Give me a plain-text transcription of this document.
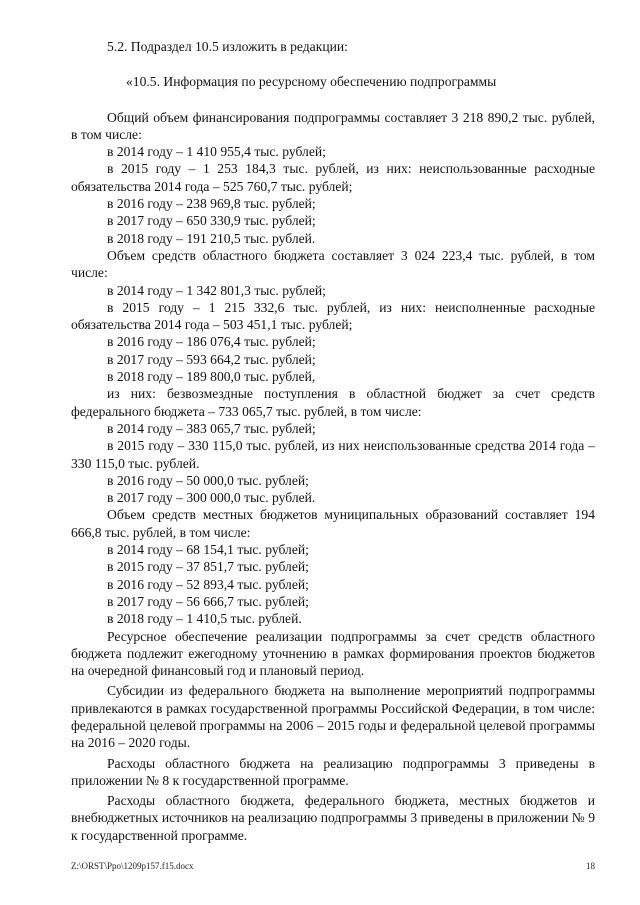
5.2. Подраздел 10.5 изложить в редакции:

«10.5. Информация по ресурсному обеспечению подпрограммы

Общий объем финансирования подпрограммы составляет 3 218 890,2 тыс. рублей, в том числе:

в 2014 году – 1 410 955,4 тыс. рублей;

в 2015 году – 1 253 184,3 тыс. рублей, из них: неиспользованные расходные обязательства 2014 года – 525 760,7 тыс. рублей;

в 2016 году – 238 969,8 тыс. рублей;

в 2017 году – 650 330,9 тыс. рублей;

в 2018 году – 191 210,5 тыс. рублей.

Объем средств областного бюджета составляет 3 024 223,4 тыс. рублей, в том числе:

в 2014 году – 1 342 801,3 тыс. рублей;

в 2015 году – 1 215 332,6 тыс. рублей, из них: неисполненные расходные обязательства 2014 года – 503 451,1 тыс. рублей;

в 2016 году – 186 076,4 тыс. рублей;

в 2017 году – 593 664,2 тыс. рублей;

в 2018 году – 189 800,0 тыс. рублей,

из них: безвозмездные поступления в областной бюджет за счет средств федерального бюджета – 733 065,7 тыс. рублей, в том числе:

в 2014 году – 383 065,7 тыс. рублей;

в 2015 году – 330 115,0 тыс. рублей, из них неиспользованные средства 2014 года – 330 115,0 тыс. рублей.

в 2016 году – 50 000,0 тыс. рублей;

в 2017 году – 300 000,0 тыс. рублей.

Объем средств местных бюджетов муниципальных образований составляет 194 666,8 тыс. рублей, в том числе:

в 2014 году – 68 154,1 тыс. рублей;

в 2015 году – 37 851,7 тыс. рублей;

в 2016 году – 52 893,4 тыс. рублей;

в 2017 году – 56 666,7 тыс. рублей;

в 2018 году – 1 410,5 тыс. рублей.

Ресурсное обеспечение реализации подпрограммы за счет средств областного бюджета подлежит ежегодному уточнению в рамках формирования проектов бюджетов на очередной финансовый год и плановый период.

Субсидии из федерального бюджета на выполнение мероприятий подпрограммы привлекаются в рамках государственной программы Российской Федерации, в том числе: федеральной целевой программы на 2006 – 2015 годы и федеральной целевой программы на 2016 – 2020 годы.

Расходы областного бюджета на реализацию подпрограммы 3 приведены в приложении № 8 к государственной программе.

Расходы областного бюджета, федерального бюджета, местных бюджетов и внебюджетных источников на реализацию подпрограммы 3 приведены в приложении № 9 к государственной программе.

Z:\ORST\Ppo\1209p157.f15.docx	18
